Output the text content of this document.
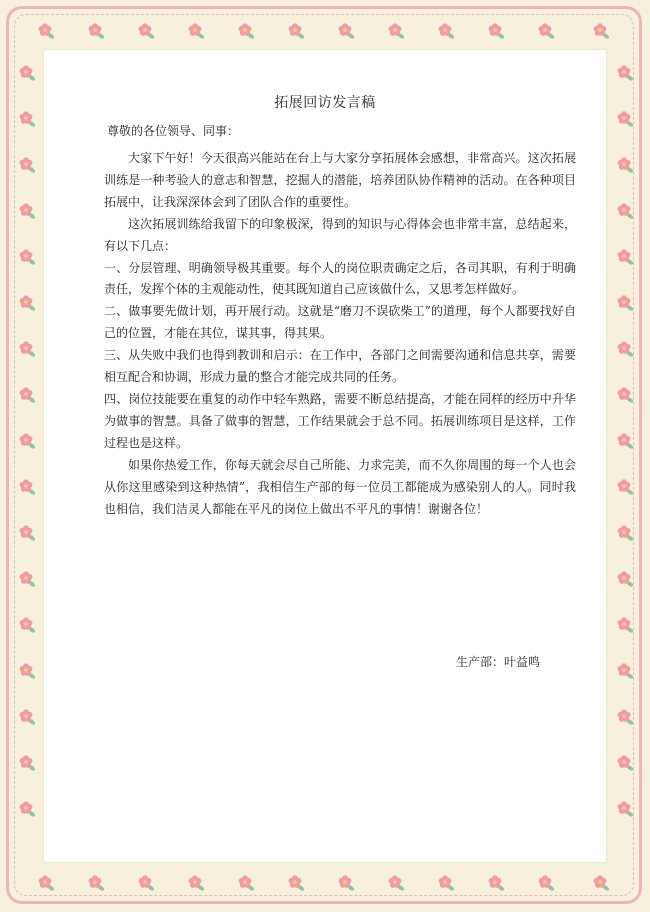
拓展回访发言稿
尊敬的各位领导、同事：

大家下午好！今天很高兴能站在台上与大家分享拓展体会感想，非常高兴。这次拓展训练是一种考验人的意志和智慧，挖掘人的潜能，培养团队协作精神的活动。在各种项目拓展中，让我深深体会到了团队合作的重要性。

这次拓展训练给我留下的印象极深，得到的知识与心得体会也非常丰富，总结起来，有以下几点：

一、分层管理、明确领导极其重要。每个人的岗位职责确定之后，各司其职，有利于明确责任，发挥个体的主观能动性，使其既知道自己应该做什么，又思考怎样做好。

二、做事要先做计划，再开展行动。这就是“磨刀不误砍柴工”的道理，每个人都要找好自己的位置，才能在其位，谋其事，得其果。

三、从失败中我们也得到教训和启示：在工作中，各部门之间需要沟通和信息共享，需要相互配合和协调，形成力量的整合才能完成共同的任务。

四、岗位技能要在重复的动作中轻车熟路，需要不断总结提高，才能在同样的经历中升华为做事的智慧。具备了做事的智慧，工作结果就会于总不同。拓展训练项目是这样，工作过程也是这样。

如果你热爱工作，你每天就会尽自己所能、力求完美，而不久你周围的每一个人也会从你这里感染到这种热情”，我相信生产部的每一位员工都能成为感染别人的人。同时我也相信，我们洁灵人都能在平凡的岗位上做出不平凡的事情！谢谢各位！

生产部：叶益鸣
